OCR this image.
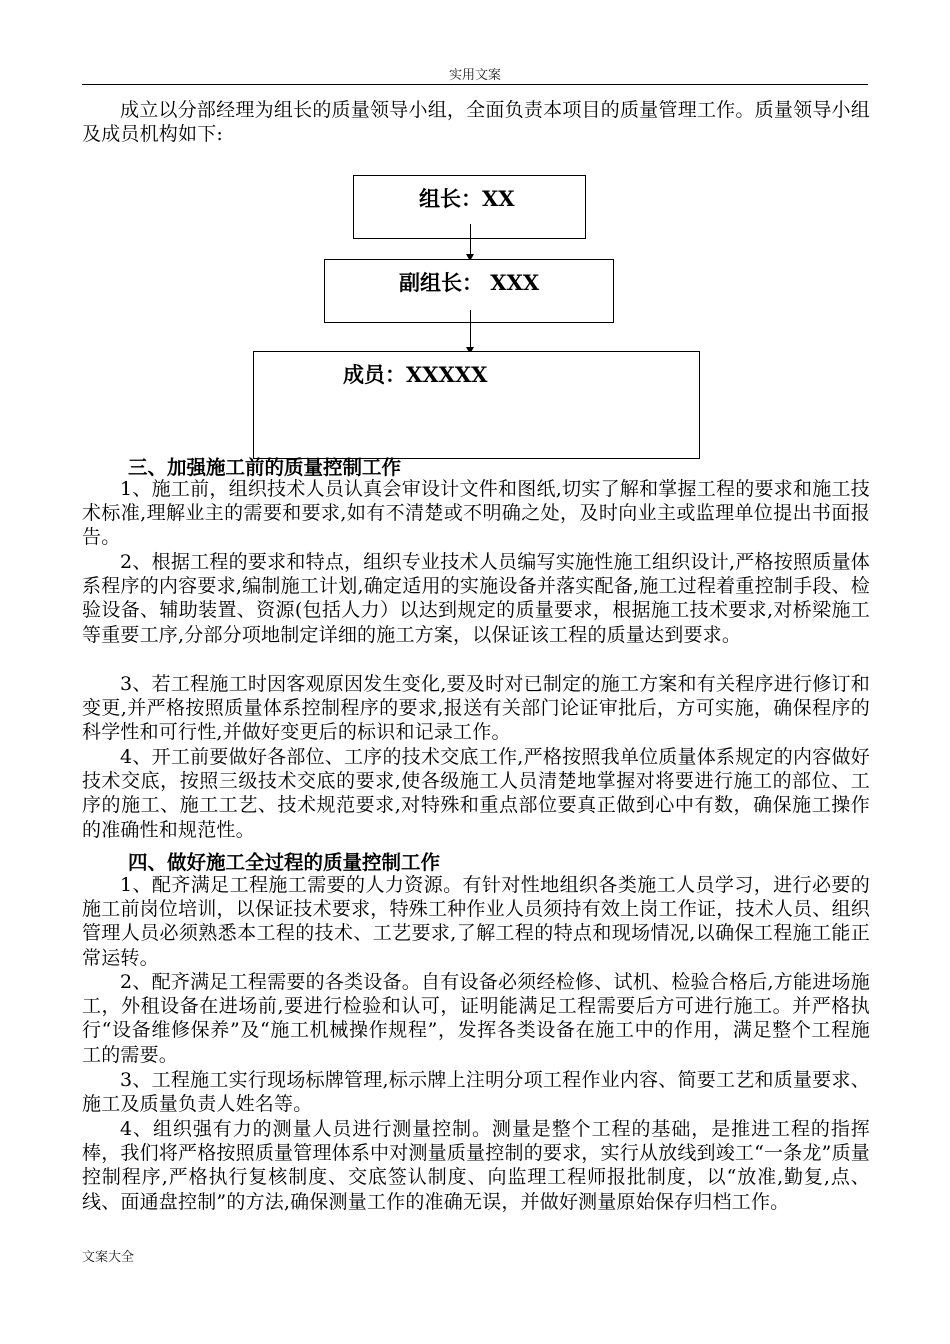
实用文案

成立以分部经理为组长的质量领导小组，全面负责本项目的质量管理工作。质量领导小组及成员机构如下:

组长：XX
副组长： XXX
成员：XXXXX
三、加强施工前的质量控制工作

1、施工前，组织技术人员认真会审设计文件和图纸,切实了解和掌握工程的要求和施工技术标准,理解业主的需要和要求,如有不清楚或不明确之处，及时向业主或监理单位提出书面报告。

2、根据工程的要求和特点，组织专业技术人员编写实施性施工组织设计,严格按照质量体系程序的内容要求,编制施工计划,确定适用的实施设备并落实配备,施工过程着重控制手段、检验设备、辅助装置、资源(包括人力）以达到规定的质量要求，根据施工技术要求,对桥梁施工等重要工序,分部分项地制定详细的施工方案，以保证该工程的质量达到要求。

3、若工程施工时因客观原因发生变化,要及时对已制定的施工方案和有关程序进行修订和变更,并严格按照质量体系控制程序的要求,报送有关部门论证审批后，方可实施，确保程序的科学性和可行性,并做好变更后的标识和记录工作。

4、开工前要做好各部位、工序的技术交底工作,严格按照我单位质量体系规定的内容做好技术交底，按照三级技术交底的要求,使各级施工人员清楚地掌握对将要进行施工的部位、工序的施工、施工工艺、技术规范要求,对特殊和重点部位要真正做到心中有数，确保施工操作的准确性和规范性。

四、做好施工全过程的质量控制工作

1、配齐满足工程施工需要的人力资源。有针对性地组织各类施工人员学习，进行必要的施工前岗位培训，以保证技术要求，特殊工种作业人员须持有效上岗工作证，技术人员、组织管理人员必须熟悉本工程的技术、工艺要求,了解工程的特点和现场情况,以确保工程施工能正常运转。

2、配齐满足工程需要的各类设备。自有设备必须经检修、试机、检验合格后,方能进场施工，外租设备在进场前,要进行检验和认可，证明能满足工程需要后方可进行施工。并严格执行“设备维修保养”及“施工机械操作规程”，发挥各类设备在施工中的作用，满足整个工程施工的需要。

3、工程施工实行现场标牌管理,标示牌上注明分项工程作业内容、简要工艺和质量要求、施工及质量负责人姓名等。

4、组织强有力的测量人员进行测量控制。测量是整个工程的基础，是推进工程的指挥棒，我们将严格按照质量管理体系中对测量质量控制的要求，实行从放线到竣工“一条龙”质量控制程序,严格执行复核制度、交底签认制度、向监理工程师报批制度，以“放准,勤复,点、线、面通盘控制”的方法,确保测量工作的准确无误，并做好测量原始保存归档工作。

文案大全
